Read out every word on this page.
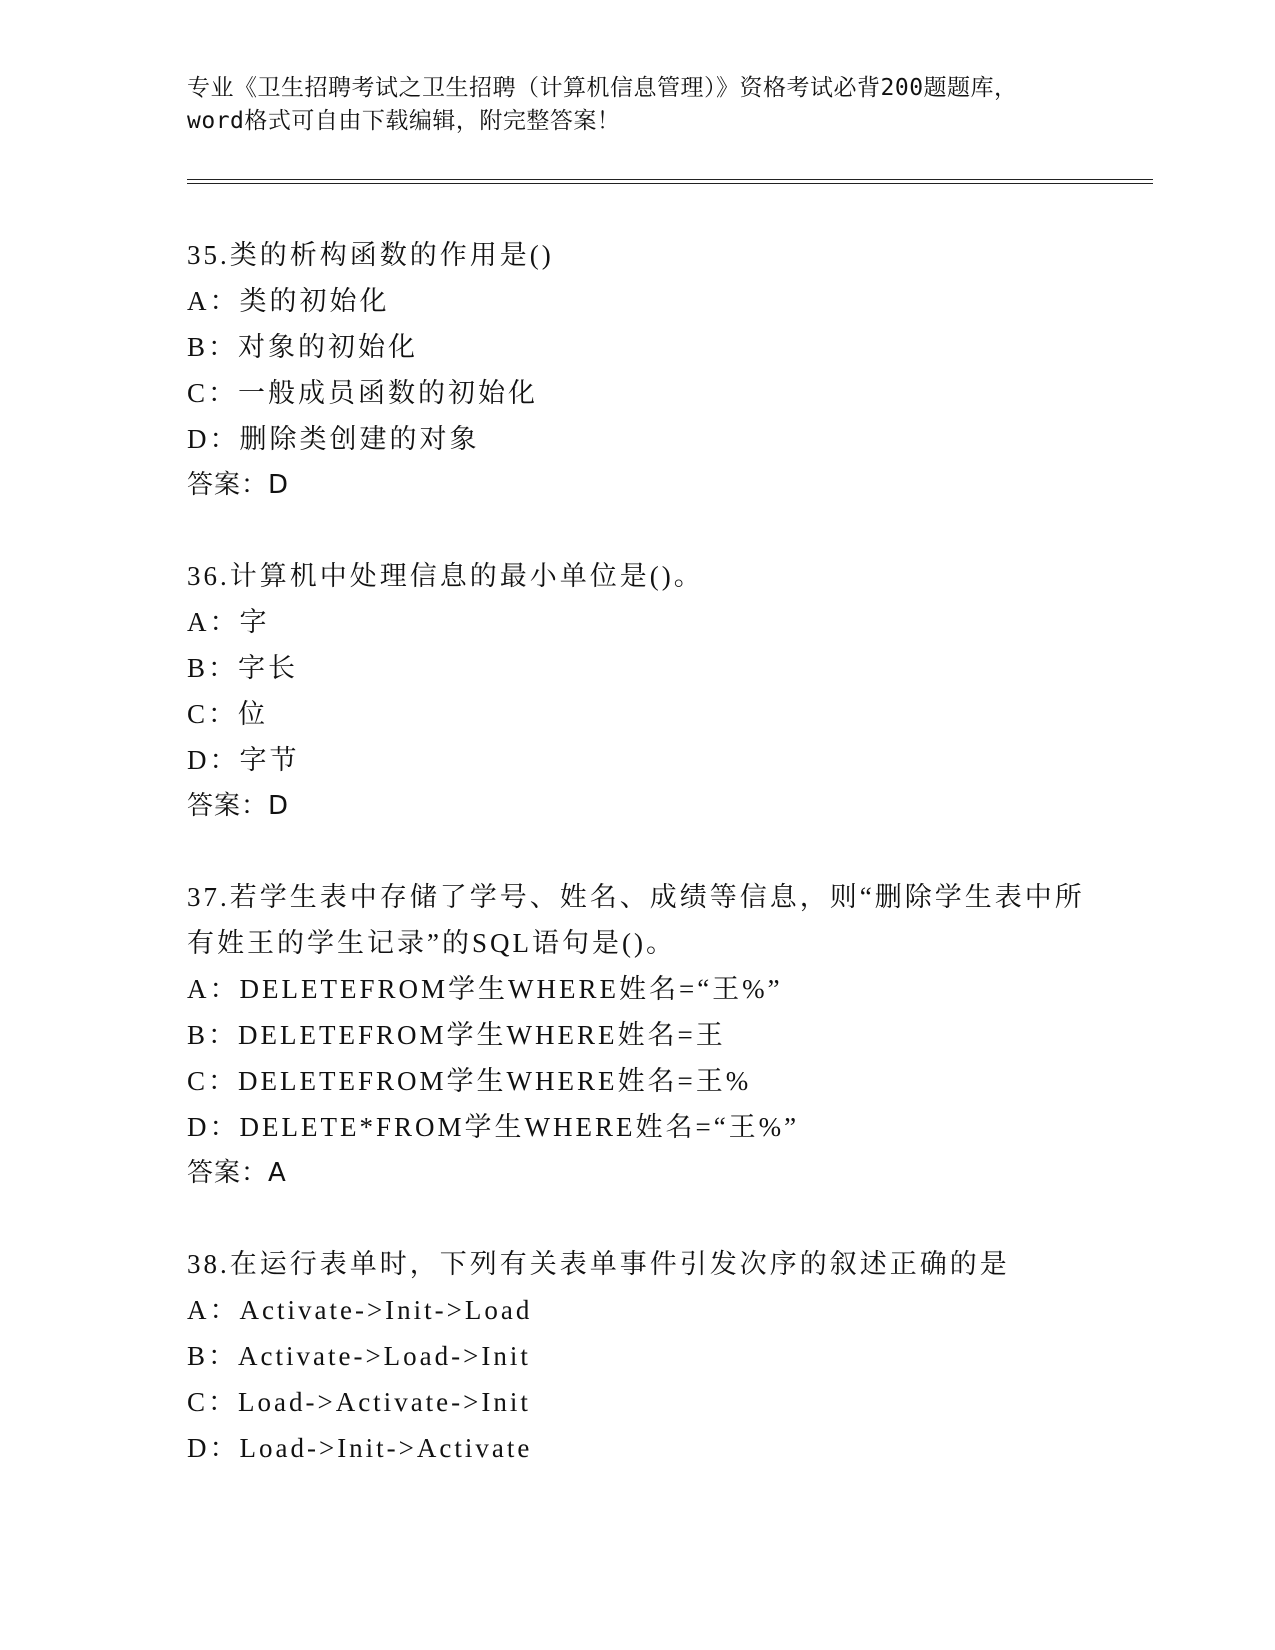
专业《卫生招聘考试之卫生招聘（计算机信息管理）》资格考试必背200题题库，
word格式可自由下载编辑，附完整答案！
35.类的析构函数的作用是()
A：类的初始化
B：对象的初始化
C：一般成员函数的初始化
D：删除类创建的对象
答案：D
36.计算机中处理信息的最小单位是()。
A：字
B：字长
C：位
D：字节
答案：D
37.若学生表中存储了学号、姓名、成绩等信息，则“删除学生表中所
有姓王的学生记录”的SQL语句是()。
A：DELETEFROM学生WHERE姓名=“王%”
B：DELETEFROM学生WHERE姓名=王
C：DELETEFROM学生WHERE姓名=王%
D：DELETE*FROM学生WHERE姓名=“王%”
答案：A
38.在运行表单时，下列有关表单事件引发次序的叙述正确的是
A：Activate->Init->Load
B：Activate->Load->Init
C：Load->Activate->Init
D：Load->Init->Activate
